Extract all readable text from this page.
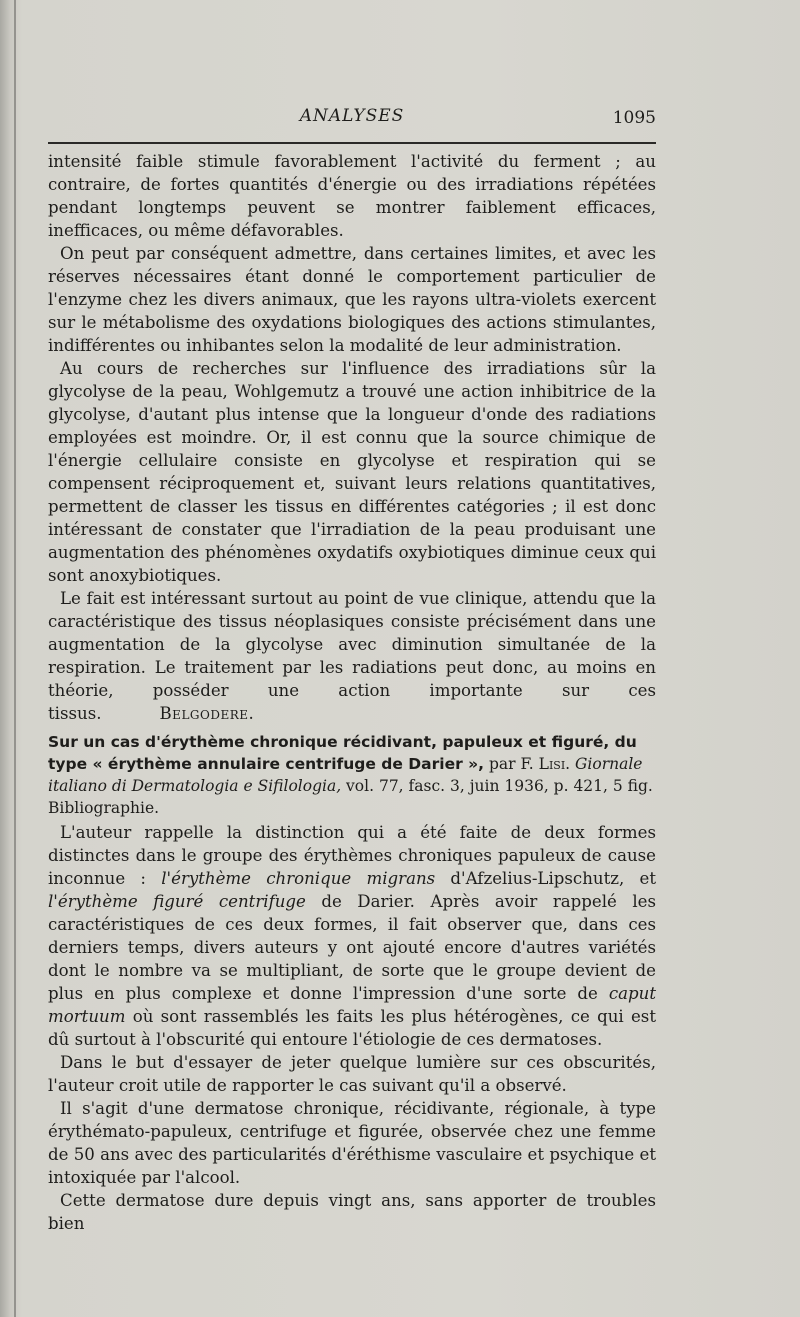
ANALYSES	1095

intensité faible stimule favorablement l'activité du ferment ; au contraire, de fortes quantités d'énergie ou des irradiations répétées pendant longtemps peuvent se montrer faiblement efficaces, inefficaces, ou même défavorables.

On peut par conséquent admettre, dans certaines limites, et avec les réserves nécessaires étant donné le comportement particulier de l'enzyme chez les divers animaux, que les rayons ultra-violets exercent sur le métabolisme des oxydations biologiques des actions stimulantes, indifférentes ou inhibantes selon la modalité de leur administration.

Au cours de recherches sur l'influence des irradiations sûr la glycolyse de la peau, Wohlgemutz a trouvé une action inhibitrice de la glycolyse, d'autant plus intense que la longueur d'onde des radiations employées est moindre. Or, il est connu que la source chimique de l'énergie cellulaire consiste en glycolyse et respiration qui se compensent réciproquement et, suivant leurs relations quantitatives, permettent de classer les tissus en différentes catégories ; il est donc intéressant de constater que l'irradiation de la peau produisant une augmentation des phénomènes oxydatifs oxybiotiques diminue ceux qui sont anoxybiotiques.

Le fait est intéressant surtout au point de vue clinique, attendu que la caractéristique des tissus néoplasiques consiste précisément dans une augmentation de la glycolyse avec diminution simultanée de la respiration. Le traitement par les radiations peut donc, au moins en théorie, posséder une action importante sur ces tissus.	Belgodere.

Sur un cas d'érythème chronique récidivant, papuleux et figuré, du type « érythème annulaire centrifuge de Darier », par F. Lisi. Giornale italiano di Dermatologia e Sifilologia, vol. 77, fasc. 3, juin 1936, p. 421, 5 fig. Bibliographie.

L'auteur rappelle la distinction qui a été faite de deux formes distinctes dans le groupe des érythèmes chroniques papuleux de cause inconnue : l'érythème chronique migrans d'Afzelius-Lipschutz, et l'érythème figuré centrifuge de Darier. Après avoir rappelé les caractéristiques de ces deux formes, il fait observer que, dans ces derniers temps, divers auteurs y ont ajouté encore d'autres variétés dont le nombre va se multipliant, de sorte que le groupe devient de plus en plus complexe et donne l'impression d'une sorte de caput mortuum où sont rassemblés les faits les plus hétérogènes, ce qui est dû surtout à l'obscurité qui entoure l'étiologie de ces dermatoses.

Dans le but d'essayer de jeter quelque lumière sur ces obscurités, l'auteur croit utile de rapporter le cas suivant qu'il a observé.

Il s'agit d'une dermatose chronique, récidivante, régionale, à type érythémato-papuleux, centrifuge et figurée, observée chez une femme de 50 ans avec des particularités d'éréthisme vasculaire et psychique et intoxiquée par l'alcool.

Cette dermatose dure depuis vingt ans, sans apporter de troubles bien
